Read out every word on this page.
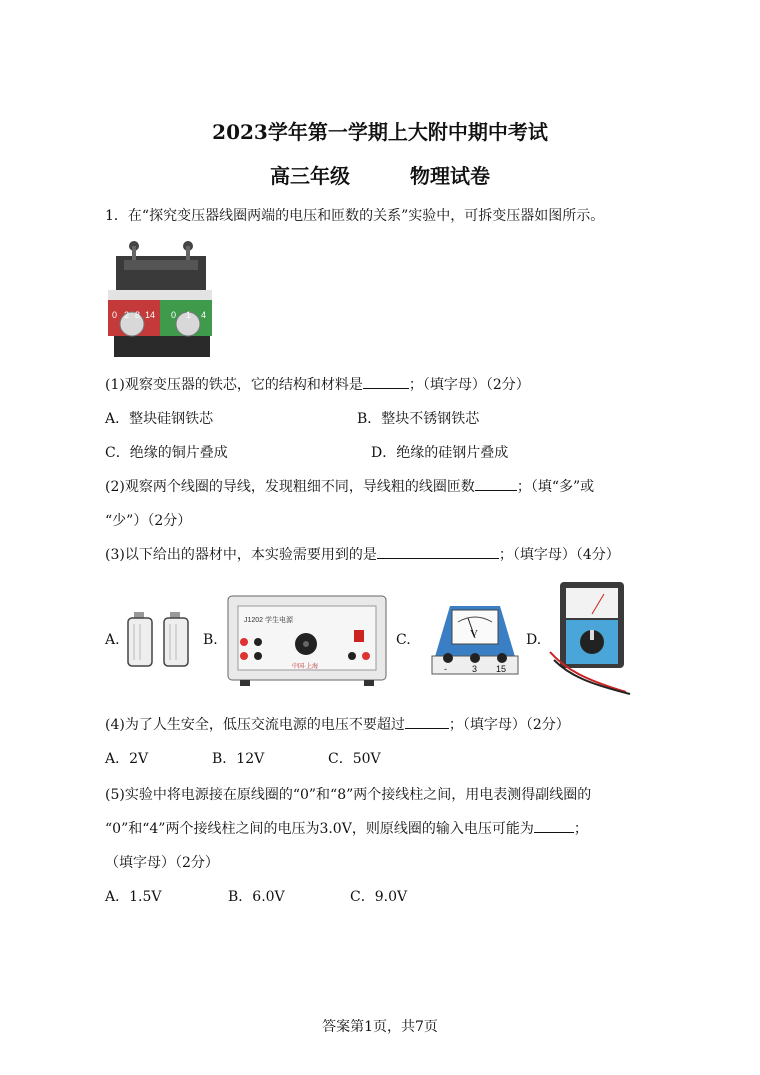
2023学年第一学期上大附中期中考试
高三年级	物理试卷
1．在“探究变压器线圈两端的电压和匝数的关系”实验中，可拆变压器如图所示。
0 2 8 14 0 1 4
(1)观察变压器的铁芯，它的结构和材料是	；（填字母）（2分）
A．整块硅钢铁芯	B．整块不锈钢铁芯
C．绝缘的铜片叠成	D．绝缘的硅钢片叠成
(2)观察两个线圈的导线，发现粗细不同，导线粗的线圈匝数	；（填“多”或
“少”）（2分）
(3)以下给出的器材中，本实验需要用到的是	；（填字母）（4分）
A.	B.
J1202 学生电源
中国·上海
C.	V
-	3 15
D.
(4)为了人生安全，低压交流电源的电压不要超过	；（填字母）（2分）
A．2V	B．12V	C．50V
(5)实验中将电源接在原线圈的“0”和“8”两个接线柱之间，用电表测得副线圈的
“0”和“4”两个接线柱之间的电压为3.0V，则原线圈的输入电压可能为	；
（填字母）（2分）
A．1.5V	B．6.0V	C．9.0V
答案第1页，共7页
